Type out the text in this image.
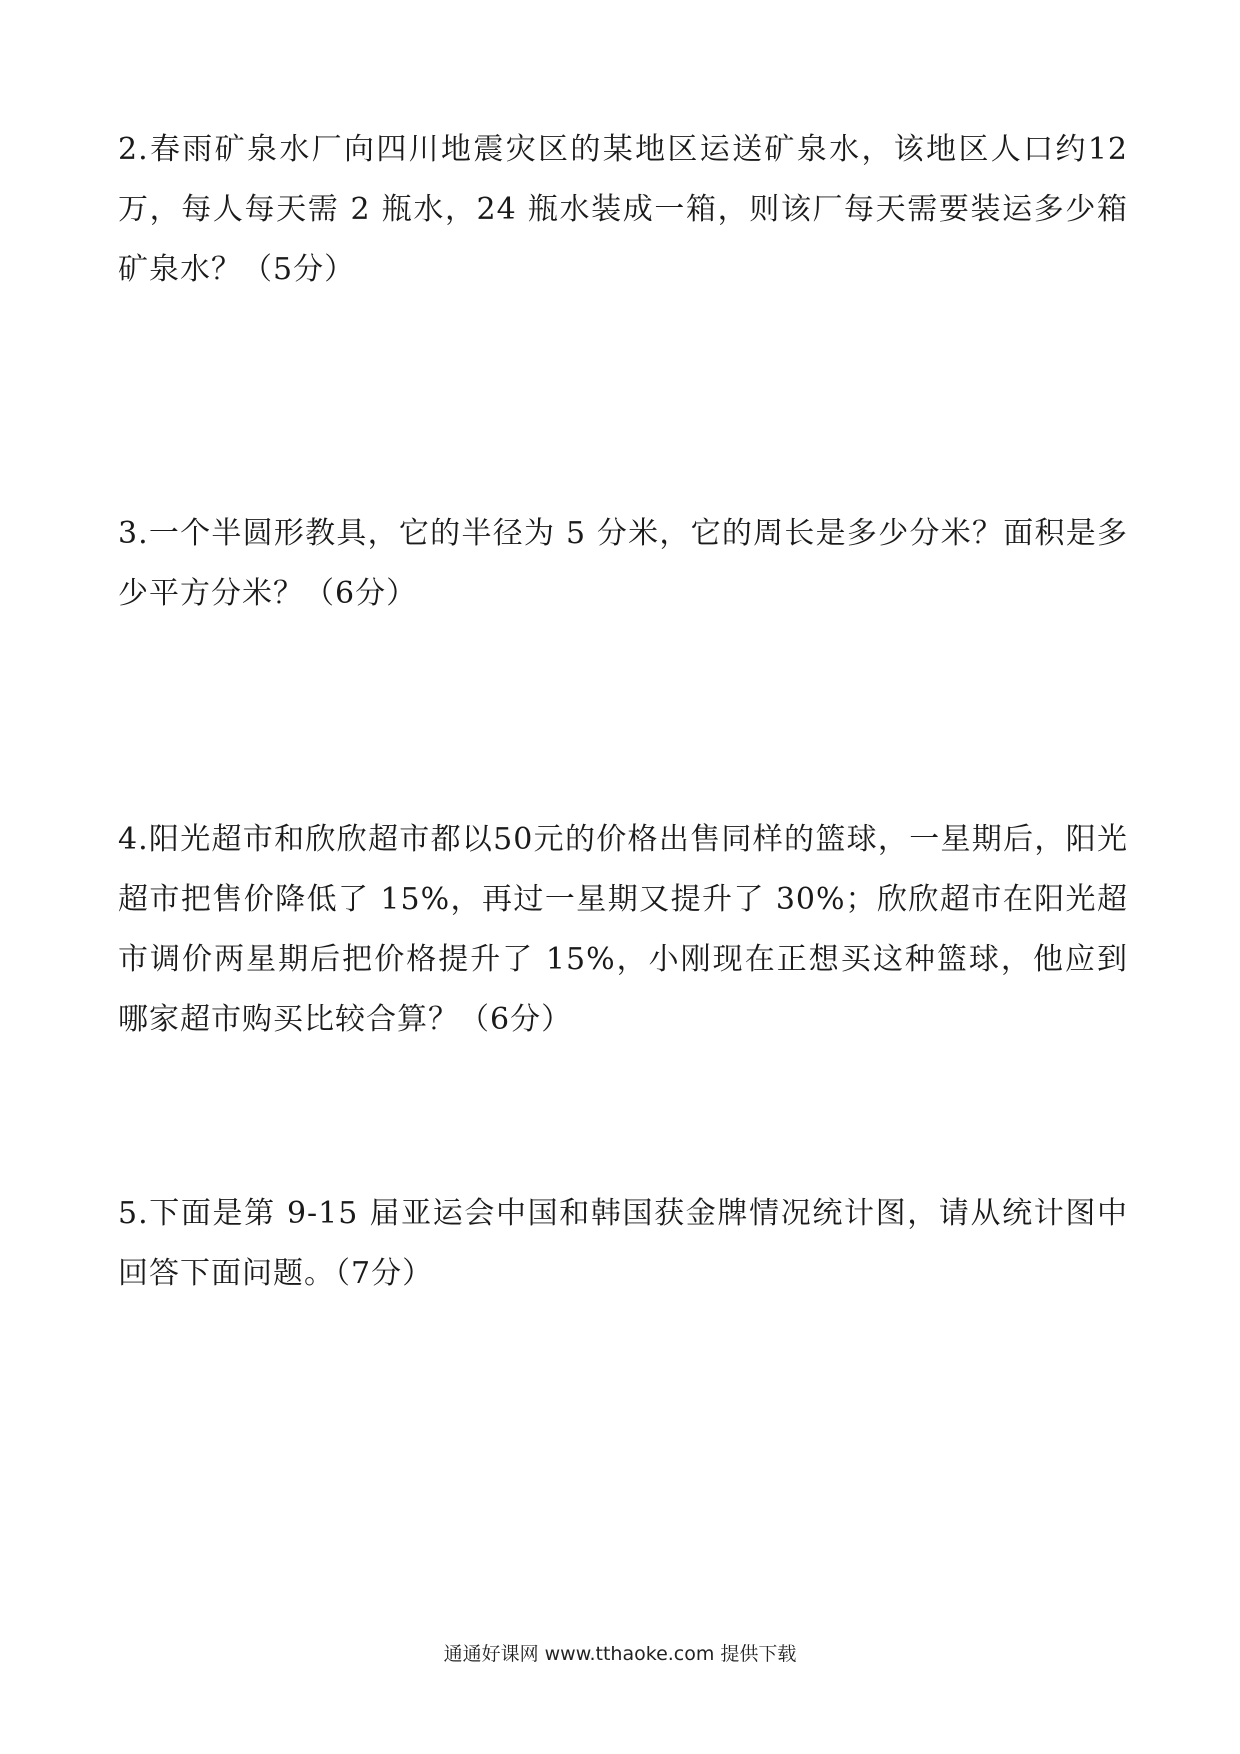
2.春雨矿泉水厂向四川地震灾区的某地区运送矿泉水，该地区人口约12万，每人每天需 2 瓶水，24 瓶水装成一箱，则该厂每天需要装运多少箱矿泉水？（5分）
3.一个半圆形教具，它的半径为 5 分米，它的周长是多少分米？面积是多少平方分米？（6分）
4.阳光超市和欣欣超市都以50元的价格出售同样的篮球，一星期后，阳光超市把售价降低了 15%，再过一星期又提升了 30%；欣欣超市在阳光超市调价两星期后把价格提升了 15%，小刚现在正想买这种篮球，他应到哪家超市购买比较合算？（6分）
5.下面是第 9-15 届亚运会中国和韩国获金牌情况统计图，请从统计图中回答下面问题。（7分）
通通好课网 www.tthaoke.com 提供下载
